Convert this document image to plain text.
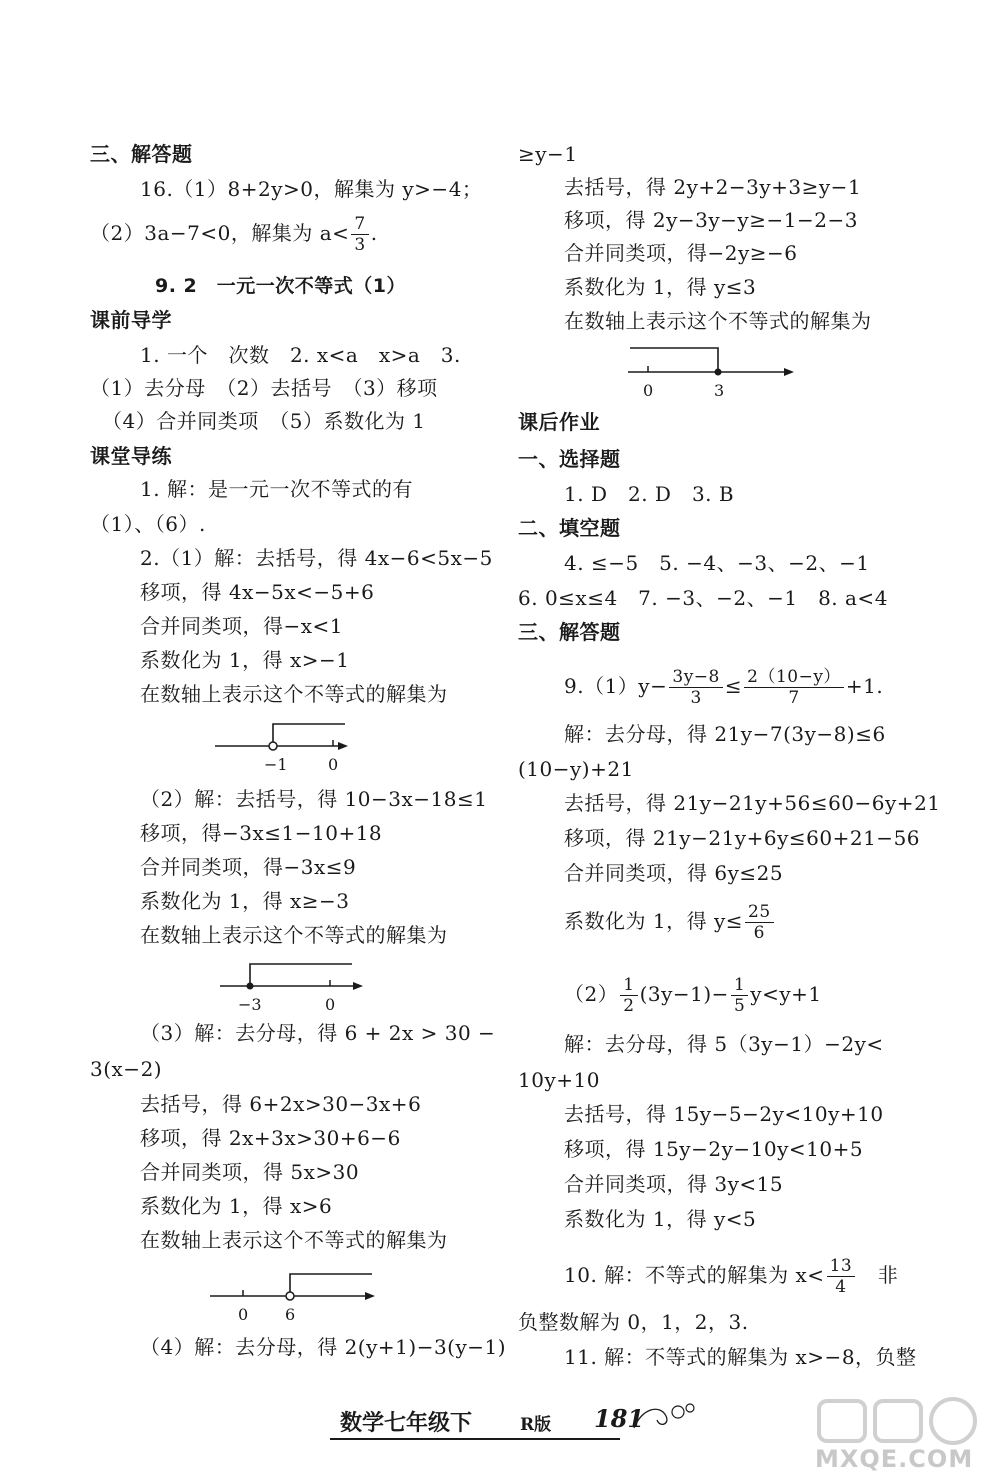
三、解答题
16.（1）8+2y>0，解集为 y>−4；
（2）3a−7<0，解集为 $a< \frac{7}{3}$ .
9. 2　一元一次不等式（1）
课前导学
1. 一个　次数　2. x<a　x>a　3.
（1）去分母　（2）去括号　（3）移项
（4）合并同类项　（5）系数化为 1
课堂导练
1. 解：是一元一次不等式的有
（1）、（6）.
2.（1）解：去括号，得 4x−6<5x−5
移项，得 4x−5x<−5+6
合并同类项，得−x<1
系数化为 1，得 x>−1
在数轴上表示这个不等式的解集为
−1	0
（2）解：去括号，得 10−3x−18≤1
移项，得−3x≤1−10+18
合并同类项，得−3x≤9
系数化为 1，得 x≥−3
在数轴上表示这个不等式的解集为
−3	0
（3）解：去分母，得 6 + 2x > 30 −
3(x−2)
去括号，得 6+2x>30−3x+6
移项，得 2x+3x>30+6−6
合并同类项，得 5x>30
系数化为 1，得 x>6
在数轴上表示这个不等式的解集为
0 6
（4）解：去分母，得 2(y+1)−3(y−1)
≥y−1
去括号，得 2y+2−3y+3≥y−1
移项，得 2y−3y−y≥−1−2−3
合并同类项，得−2y≥−6
系数化为 1，得 y≤3
在数轴上表示这个不等式的解集为
0	3
课后作业
一、选择题
1. D　2. D　3. B
二、填空题
4. ≤−5　5. −4、−3、−2、−1
6. 0≤x≤4　7. −3、−2、−1　8. a<4
三、解答题
$9.(1)y- \frac{3y-8}{3} \le \frac{2(10-y)}{7} +1$.
解：去分母，得 21y−7(3y−8)≤6
(10−y)+21
去括号，得 21y−21y+56≤60−6y+21
移项，得 21y−21y+6y≤60+21−56
合并同类项，得 6y≤25
系数化为 1，得 $y\le \frac{25}{6}$
$(2) \frac{1}{2} (3y-1)- \frac{1}{5} y<y+1$
解：去分母，得 5（3y−1）−2y<
10y+10
去括号，得 15y−5−2y<10y+10
移项，得 15y−2y−10y<10+5
合并同类项，得 3y<15
系数化为 1，得 y<5
10. 解：不等式的解集为 $x< \frac{13}{4}$ 　非
负整数解为 0，1，2，3.
11. 解：不等式的解集为 x>−8，负整
数学七年级下	R版 181
MXQE.COM
